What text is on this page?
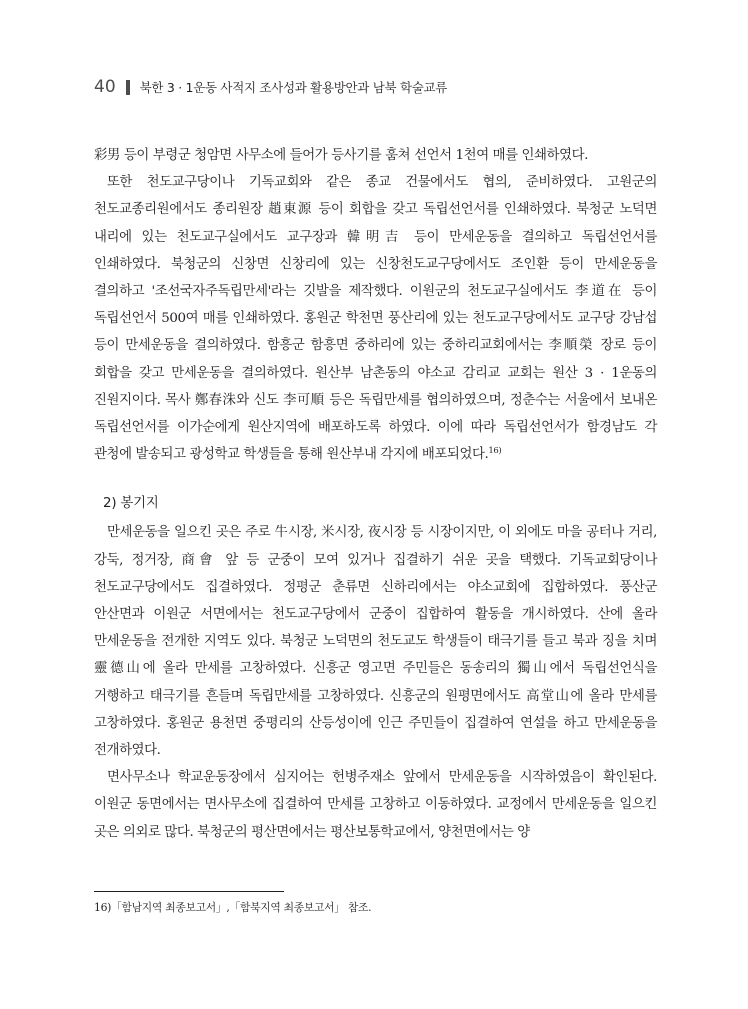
40 북한 3 · 1운동 사적지 조사성과 활용방안과 남북 학술교류

彩男 등이 부령군 청암면 사무소에 들어가 등사기를 훔쳐 선언서 1천여 매를 인쇄하였다.

또한 천도교구당이나 기독교회와 같은 종교 건물에서도 협의, 준비하였다. 고원군의 천도교종리원에서도 종리원장 趙東源 등이 회합을 갖고 독립선언서를 인쇄하였다. 북청군 노덕면 내리에 있는 천도교구실에서도 교구장과 韓明吉 등이 만세운동을 결의하고 독립선언서를 인쇄하였다. 북청군의 신창면 신창리에 있는 신창천도교구당에서도 조인환 등이 만세운동을 결의하고 '조선국자주독립만세'라는 깃발을 제작했다. 이원군의 천도교구실에서도 李道在 등이 독립선언서 500여 매를 인쇄하였다. 홍원군 학천면 풍산리에 있는 천도교구당에서도 교구당 강남섭 등이 만세운동을 결의하였다. 함흥군 함흥면 중하리에 있는 중하리교회에서는 李順榮 장로 등이 회합을 갖고 만세운동을 결의하였다. 원산부 남촌동의 야소교 감리교 교회는 원산 3 · 1운동의 진원지이다. 목사 鄭春洙와 신도 李可順 등은 독립만세를 협의하였으며, 정춘수는 서울에서 보내온 독립선언서를 이가순에게 원산지역에 배포하도록 하였다. 이에 따라 독립선언서가 함경남도 각 관청에 발송되고 광성학교 학생들을 통해 원산부내 각지에 배포되었다.$^{16)}$

2) 봉기지

만세운동을 일으킨 곳은 주로 牛시장, 米시장, 夜시장 등 시장이지만, 이 외에도 마을 공터나 거리, 강둑, 정거장, 商會 앞 등 군중이 모여 있거나 집결하기 쉬운 곳을 택했다. 기독교회당이나 천도교구당에서도 집결하였다. 정평군 춘류면 신하리에서는 야소교회에 집합하였다. 풍산군 안산면과 이원군 서면에서는 천도교구당에서 군중이 집합하여 활동을 개시하였다. 산에 올라 만세운동을 전개한 지역도 있다. 북청군 노덕면의 천도교도 학생들이 태극기를 들고 북과 징을 치며 靈德山에 올라 만세를 고창하였다. 신흥군 영고면 주민들은 동송리의 獨山에서 독립선언식을 거행하고 태극기를 흔들며 독립만세를 고창하였다. 신흥군의 원평면에서도 高堂山에 올라 만세를 고창하였다. 홍원군 용천면 중평리의 산등성이에 인근 주민들이 집결하여 연설을 하고 만세운동을 전개하였다.

면사무소나 학교운동장에서 심지어는 헌병주재소 앞에서 만세운동을 시작하였음이 확인된다. 이원군 동면에서는 면사무소에 집결하여 만세를 고창하고 이동하였다. 교정에서 만세운동을 일으킨 곳은 의외로 많다. 북청군의 평산면에서는 평산보통학교에서, 양천면에서는 양

16)「함남지역 최종보고서」,「함북지역 최종보고서」 참조.
